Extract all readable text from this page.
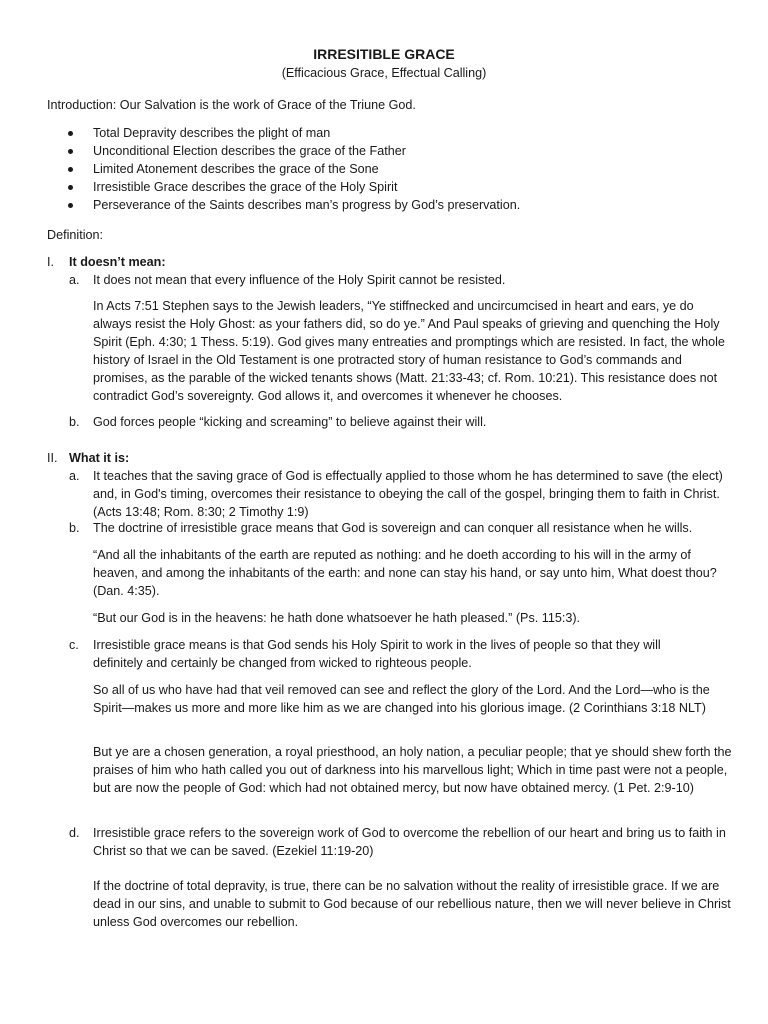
IRRESITIBLE GRACE
(Efficacious Grace, Effectual Calling)
Introduction: Our Salvation is the work of Grace of the Triune God.
Total Depravity describes the plight of man
Unconditional Election describes the grace of the Father
Limited Atonement describes the grace of the Sone
Irresistible Grace describes the grace of the Holy Spirit
Perseverance of the Saints describes man’s progress by God’s preservation.
Definition:
I. It doesn’t mean:
a. It does not mean that every influence of the Holy Spirit cannot be resisted.

In Acts 7:51 Stephen says to the Jewish leaders, “Ye stiffnecked and uncircumcised in heart and ears, ye do always resist the Holy Ghost: as your fathers did, so do ye.” And Paul speaks of grieving and quenching the Holy Spirit (Eph. 4:30; 1 Thess. 5:19). God gives many entreaties and promptings which are resisted. In fact, the whole history of Israel in the Old Testament is one protracted story of human resistance to God’s commands and promises, as the parable of the wicked tenants shows (Matt. 21:33-43; cf. Rom. 10:21). This resistance does not contradict God’s sovereignty. God allows it, and overcomes it whenever he chooses.

b. God forces people “kicking and screaming” to believe against their will.

II. What it is:
a. It teaches that the saving grace of God is effectually applied to those whom he has determined to save (the elect) and, in God's timing, overcomes their resistance to obeying the call of the gospel, bringing them to faith in Christ. (Acts 13:48; Rom. 8:30; 2 Timothy 1:9)

b. The doctrine of irresistible grace means that God is sovereign and can conquer all resistance when he wills.

“And all the inhabitants of the earth are reputed as nothing: and he doeth according to his will in the army of heaven, and among the inhabitants of the earth: and none can stay his hand, or say unto him, What doest thou? (Dan. 4:35).

“But our God is in the heavens: he hath done whatsoever he hath pleased.” (Ps. 115:3).

c. Irresistible grace means is that God sends his Holy Spirit to work in the lives of people so that they will definitely and certainly be changed from wicked to righteous people.

So all of us who have had that veil removed can see and reflect the glory of the Lord. And the Lord—who is the Spirit—makes us more and more like him as we are changed into his glorious image. (2 Corinthians 3:18 NLT)

But ye are a chosen generation, a royal priesthood, an holy nation, a peculiar people; that ye should shew forth the praises of him who hath called you out of darkness into his marvellous light; Which in time past were not a people, but are now the people of God: which had not obtained mercy, but now have obtained mercy. (1 Pet. 2:9-10)

d. Irresistible grace refers to the sovereign work of God to overcome the rebellion of our heart and bring us to faith in Christ so that we can be saved. (Ezekiel 11:19-20)

If the doctrine of total depravity, is true, there can be no salvation without the reality of irresistible grace. If we are dead in our sins, and unable to submit to God because of our rebellious nature, then we will never believe in Christ unless God overcomes our rebellion.
